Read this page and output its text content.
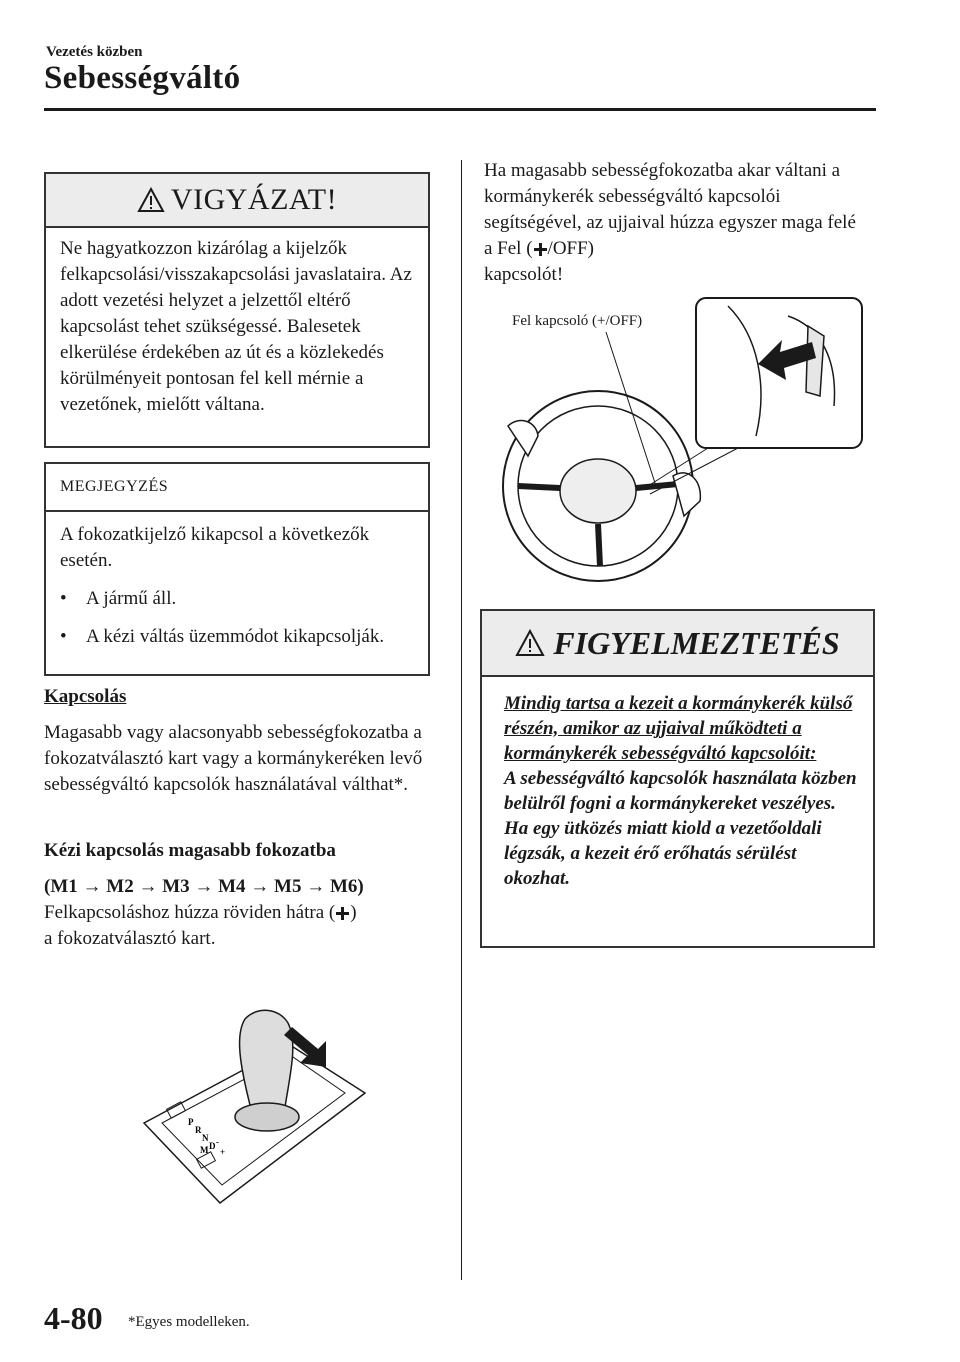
Vezetés közben
Sebességváltó
VIGYÁZAT!
Ne hagyatkozzon kizárólag a kijelzők felkapcsolási/visszakapcsolási javaslataira. Az adott vezetési helyzet a jelzettől eltérő kapcsolást tehet szükségessé. Balesetek elkerülése érdekében az út és a közlekedés körülményeit pontosan fel kell mérnie a vezetőnek, mielőtt váltana.
MEGJEGYZÉS
A fokozatkijelző kikapcsol a következők esetén.
•	A jármű áll.
•	A kézi váltás üzemmódot kikapcsolják.
Kapcsolás
Magasabb vagy alacsonyabb sebességfokozatba a fokozatválasztó kart vagy a kormánykeréken levő sebességváltó kapcsolók használatával válthat*.
Kézi kapcsolás magasabb fokozatba
(M1 → M2 → M3 → M4 → M5 → M6)
Felkapcsoláshoz húzza röviden hátra ( )
a fokozatválasztó kart.
P
R
N
D
M +
-
Ha magasabb sebességfokozatba akar váltani a kormánykerék sebességváltó kapcsolói segítségével, az ujjaival húzza egyszer maga felé a Fel ( /OFF)
kapcsolót!
Fel kapcsoló (+/OFF)
FIGYELMEZTETÉS
Mindig tartsa a kezeit a kormánykerék külső részén, amikor az ujjaival működteti a kormánykerék sebességváltó kapcsolóit:
A sebességváltó kapcsolók használata közben belülről fogni a kormánykereket veszélyes. Ha egy ütközés miatt kiold a vezetőoldali légzsák, a kezeit érő erőhatás sérülést okozhat.
4-80 *Egyes modelleken.
